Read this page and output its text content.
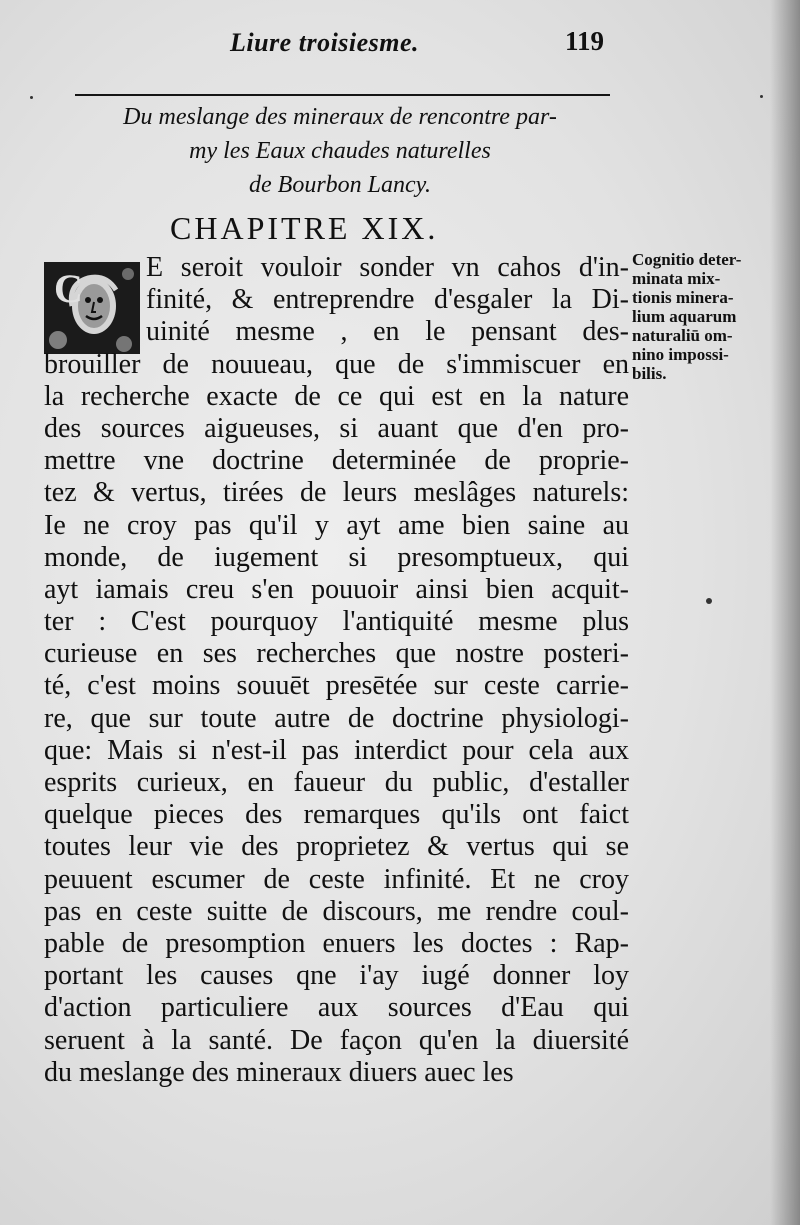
Liure troisiesme.	119
Du meslange des mineraux de rencontre par-
my les Eaux chaudes naturelles
de Bourbon Lancy.
CHAPITRE XIX.
C	E seroit vouloir sonder vn cahos d'in-
finité, & entreprendre d'esgaler la Di-
uinité mesme , en le pensant des-
brouiller de nouueau, que de s'immiscuer en
la recherche exacte de ce qui est en la nature
des sources aigueuses, si auant que d'en pro-
mettre vne doctrine determinée de propriе-
tez & vertus, tirées de leurs meslâges naturels:
Ie ne croy pas qu'il y ayt ame bien saine au
monde, de iugement si presomptueux, qui
ayt iamais creu s'en pouuoir ainsi bien acquit-
ter : C'est pourquoy l'antiquité mesme plus
curieuse en ses recherches que nostre posteri-
té, c'est moins souuēt presētée sur ceste carrie-
re, que sur toute autre de doctrine physiologi-
que: Mais si n'est-il pas interdict pour cela aux
esprits curieux, en faueur du public, d'estaller
quelque pieces des remarques qu'ils ont faict
toutes leur vie des proprietez & vertus qui se
peuuent escumer de ceste infinité. Et ne croy
pas en ceste suitte de discours, me rendre coul-
pable de presomption enuers les doctes : Rap-
portant les causes qne i'ay iugé donner loy
d'action particuliere aux sources d'Eau qui
seruent à la santé. De façon qu'en la diuersité
du meslange des mineraux diuers auec les
Cognitio deter-
minata mix-
tionis minera-
lium aquarum
naturaliū om-
nino impossi-
bilis.
